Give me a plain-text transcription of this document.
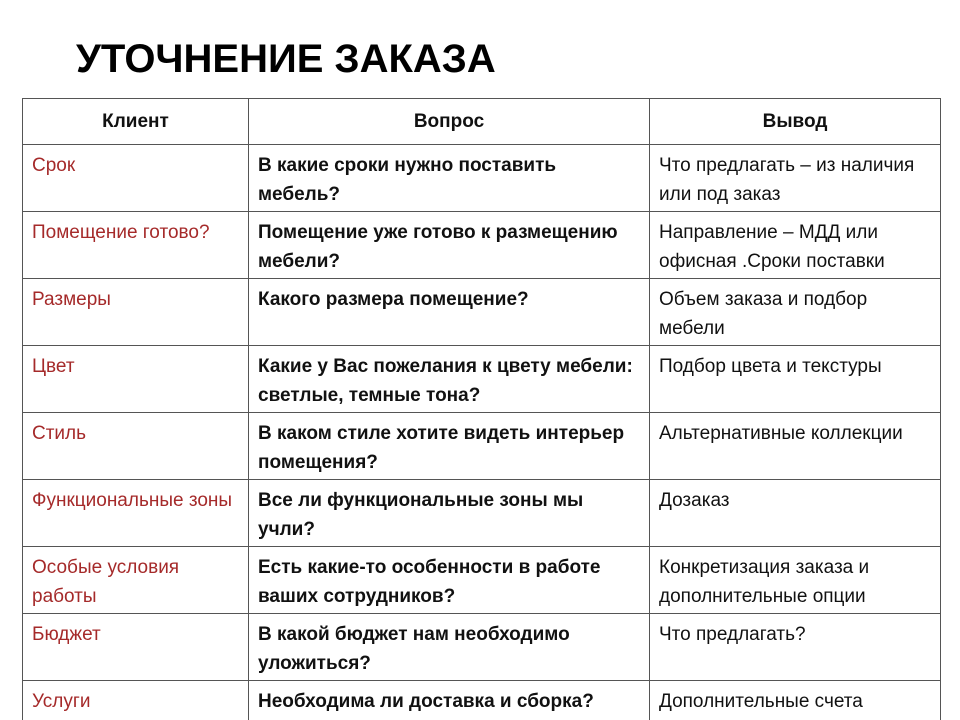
УТОЧНЕНИЕ ЗАКАЗА
Клиент	Вопрос	Вывод
Срок	В какие сроки нужно поставить мебель?	Что предлагать – из наличия или под заказ
Помещение готово?	Помещение уже готово к размещению мебели?	Направление – МДД или офисная .Сроки поставки
Размеры	Какого размера помещение?	Объем заказа и подбор мебели
Цвет	Какие у Вас пожелания к цвету мебели: светлые, темные тона?	Подбор цвета и текстуры
Стиль	В каком стиле хотите видеть интерьер помещения?	Альтернативные коллекции
Функциональные зоны	Все ли функциональные зоны мы учли?	Дозаказ
Особые условия работы	Есть какие-то особенности в работе ваших сотрудников?	Конкретизация заказа и дополнительные опции
Бюджет	В какой бюджет нам необходимо уложиться?	Что предлагать?
Услуги	Необходима ли доставка и сборка?	Дополнительные счета
